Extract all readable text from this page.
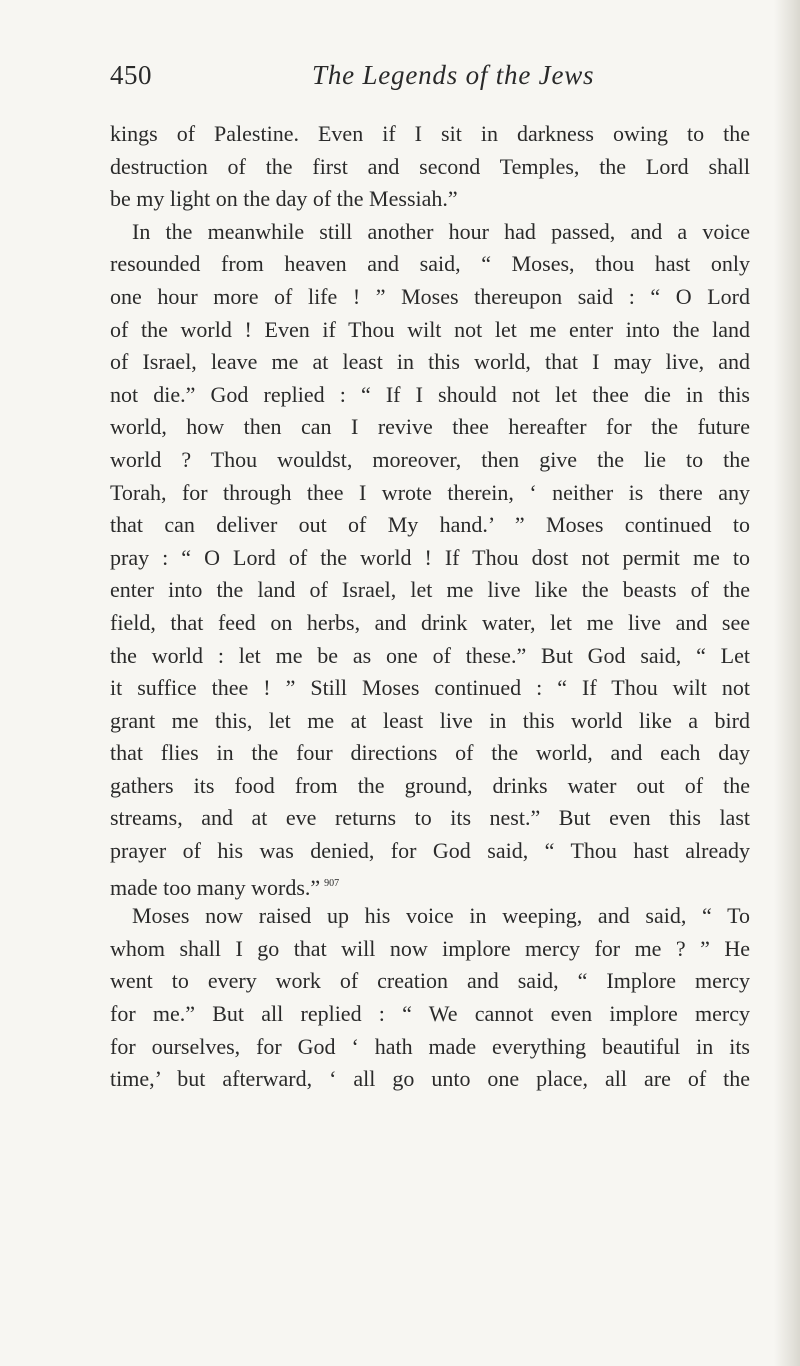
450	The Legends of the Jews
kings of Palestine. Even if I sit in darkness owing to the
destruction of the first and second Temples, the Lord shall
be my light on the day of the Messiah.”
In the meanwhile still another hour had passed, and a voice
resounded from heaven and said, “ Moses, thou hast only
one hour more of life ! ” Moses thereupon said : “ O Lord
of the world ! Even if Thou wilt not let me enter into the land
of Israel, leave me at least in this world, that I may live, and
not die.” God replied : “ If I should not let thee die in this
world, how then can I revive thee hereafter for the future
world ? Thou wouldst, moreover, then give the lie to the
Torah, for through thee I wrote therein, ‘ neither is there any
that can deliver out of My hand.’ ” Moses continued to
pray : “ O Lord of the world ! If Thou dost not permit me to
enter into the land of Israel, let me live like the beasts of the
field, that feed on herbs, and drink water, let me live and see
the world : let me be as one of these.” But God said, “ Let
it suffice thee ! ” Still Moses continued : “ If Thou wilt not
grant me this, let me at least live in this world like a bird
that flies in the four directions of the world, and each day
gathers its food from the ground, drinks water out of the
streams, and at eve returns to its nest.” But even this last
prayer of his was denied, for God said, “ Thou hast already
made too many words.” $^{907}$
Moses now raised up his voice in weeping, and said, “ To
whom shall I go that will now implore mercy for me ? ” He
went to every work of creation and said, “ Implore mercy
for me.” But all replied : “ We cannot even implore mercy
for ourselves, for God ‘ hath made everything beautiful in its
time,’ but afterward, ‘ all go unto one place, all are of the
